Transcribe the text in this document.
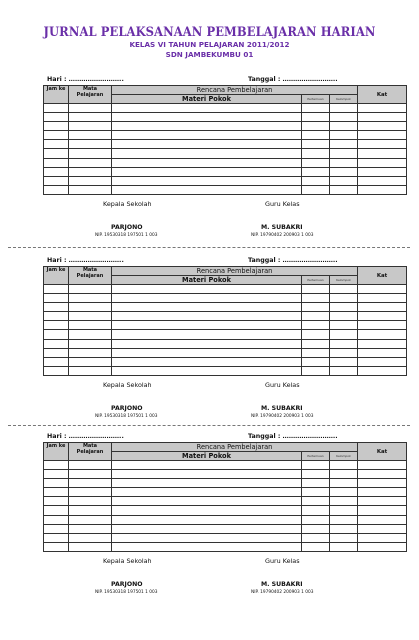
JURNAL PELAKSANAAN PEMBELAJARAN HARIAN
KELAS VI TAHUN PELAJARAN 2011/2012
SDN JAMBEKUMBU 01
Hari : ……………………..	Tanggal : ……………………..
Jam ke	Mata Pelajaran	Rencana Pembelajaran			Kat
		Materi Pokok	Pertemuan	Kelompok	

Kepala Sekolah	Guru Kelas
PARJONO	M. SUBAKRI
NIP. 19530318 197501 1 003	NIP. 19790402 200903 1 003
Hari : ……………………..	Tanggal : ……………………..
Jam ke	Mata Pelajaran	Rencana Pembelajaran			Kat
		Materi Pokok	Pertemuan	Kelompok	

Kepala Sekolah	Guru Kelas
PARJONO	M. SUBAKRI
NIP. 19530318 197501 1 003	NIP. 19790402 200903 1 003
Hari : ……………………..	Tanggal : ……………………..
Jam ke	Mata Pelajaran	Rencana Pembelajaran			Kat
		Materi Pokok	Pertemuan	Kelompok	

Kepala Sekolah	Guru Kelas
PARJONO	M. SUBAKRI
NIP. 19530318 197501 1 003	NIP. 19790402 200903 1 003
